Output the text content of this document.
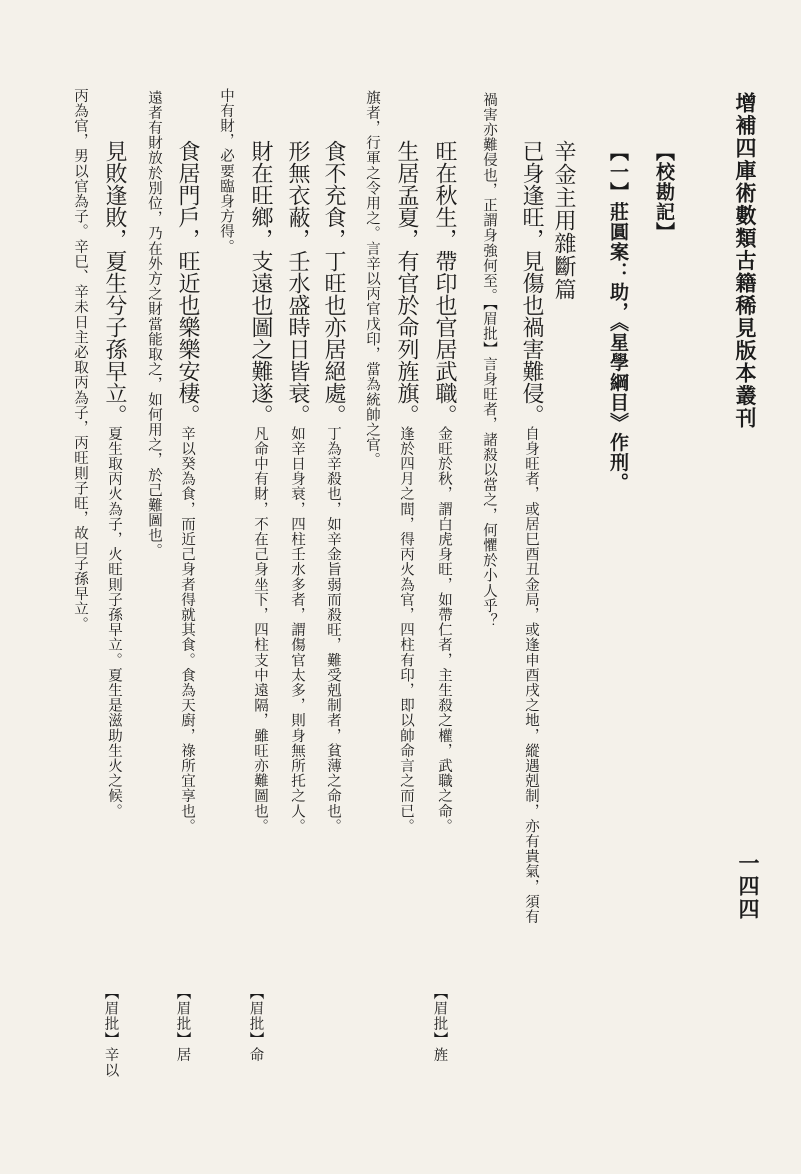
增補四庫術數類古籍稀見版本叢刊
一四四
【校勘記】
【一】莊圓案：助，《星學綱目》作刑。
辛金主用雜斷篇
已身逢旺，見傷也禍害難侵。自身旺者，或居巳酉丑金局，或逢申酉戌之地，縱遇剋制，亦有貴氣，須有
禍害亦難侵也，正謂身強何至。【眉批】言身旺者，諸殺以當之，何懼於小人乎？
旺在秋生，帶印也官居武職。金旺於秋，謂白虎身旺，如帶仁者，主生殺之權，武職之命。
【眉批】旌
生居孟夏，有官於命列旌旗。逢於四月之間，得丙火為官，四柱有印，即以帥命言之而已。
旗者，行軍之令用之。言辛以丙官戊印，當為統帥之官。
食不充食，丁旺也亦居絕處。丁為辛殺也，如辛金旨弱而殺旺，難受剋制者，貧薄之命也。
形無衣蔽，壬水盛時日皆衰。如辛日身衰，四柱壬水多者，謂傷官太多，則身無所托之人。
財在旺鄉，支遠也圖之難遂。凡命中有財，不在己身坐下，四柱支中遠隔，雖旺亦難圖也。
【眉批】命
中有財，必要臨身方得。
食居門戶，旺近也樂樂安棲。辛以癸為食，而近己身者得就其食。食為天廚，祿所宜享也。
【眉批】居
遠者有財放於別位，乃在外方之財當能取之，如何用之，於己難圖也。
見敗逢敗，夏生兮子孫早立。夏生取丙火為子，火旺則子孫早立。夏生是滋助生火之候。
【眉批】辛以
丙為官，男以官為子。辛巳、辛未日主必取丙為子，丙旺則子旺，故曰子孫早立。
